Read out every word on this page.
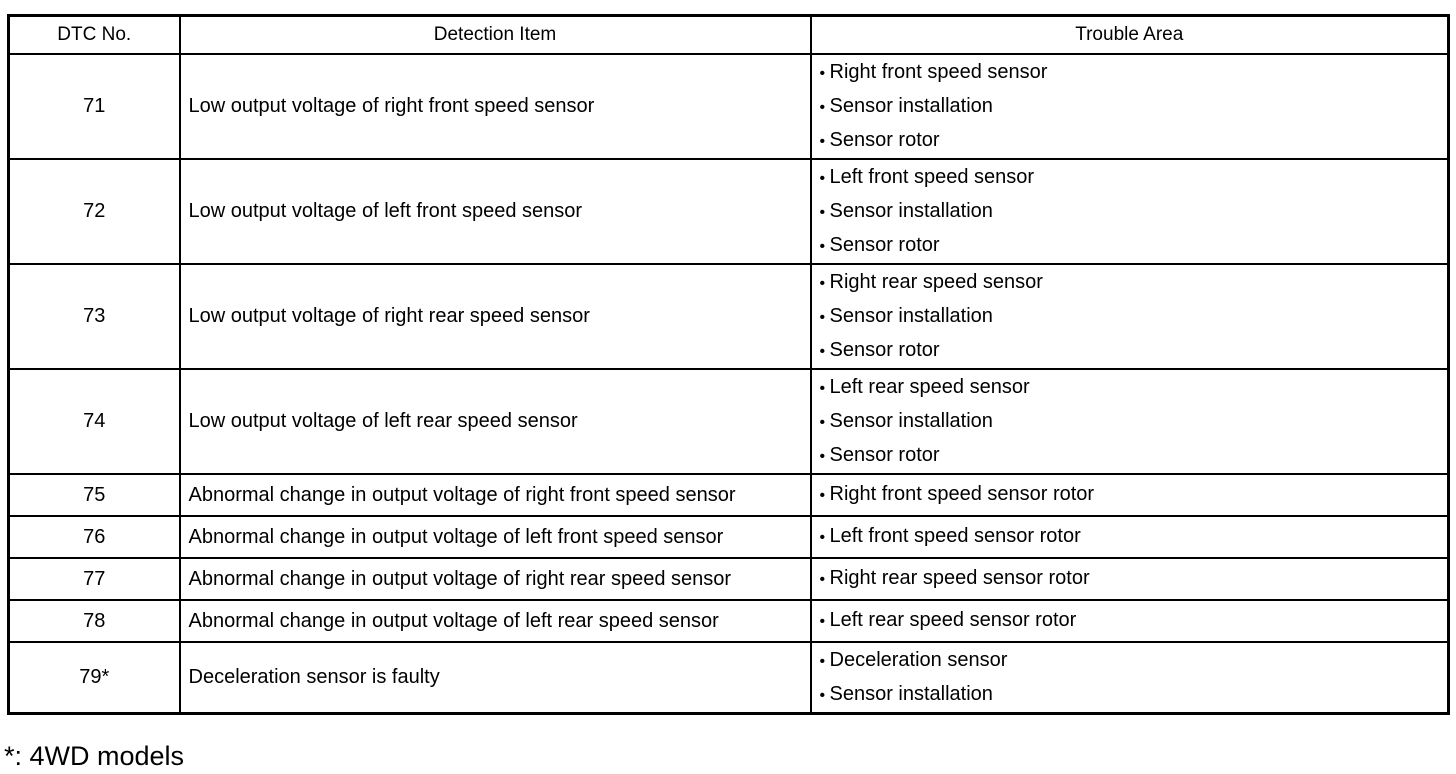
DTC No.	Detection Item	Trouble Area
71	Low output voltage of right front speed sensor	• Right front speed sensor
• Sensor installation
• Sensor rotor

72	Low output voltage of left front speed sensor	• Left front speed sensor
• Sensor installation
• Sensor rotor

73	Low output voltage of right rear speed sensor	• Right rear speed sensor
• Sensor installation
• Sensor rotor

74	Low output voltage of left rear speed sensor	• Left rear speed sensor
• Sensor installation
• Sensor rotor

75	Abnormal change in output voltage of right front speed sensor	• Right front speed sensor rotor

76	Abnormal change in output voltage of left front speed sensor	• Left front speed sensor rotor

77	Abnormal change in output voltage of right rear speed sensor	• Right rear speed sensor rotor

78	Abnormal change in output voltage of left rear speed sensor	• Left rear speed sensor rotor

79*	Deceleration sensor is faulty	• Deceleration sensor
• Sensor installation
*: 4WD models
